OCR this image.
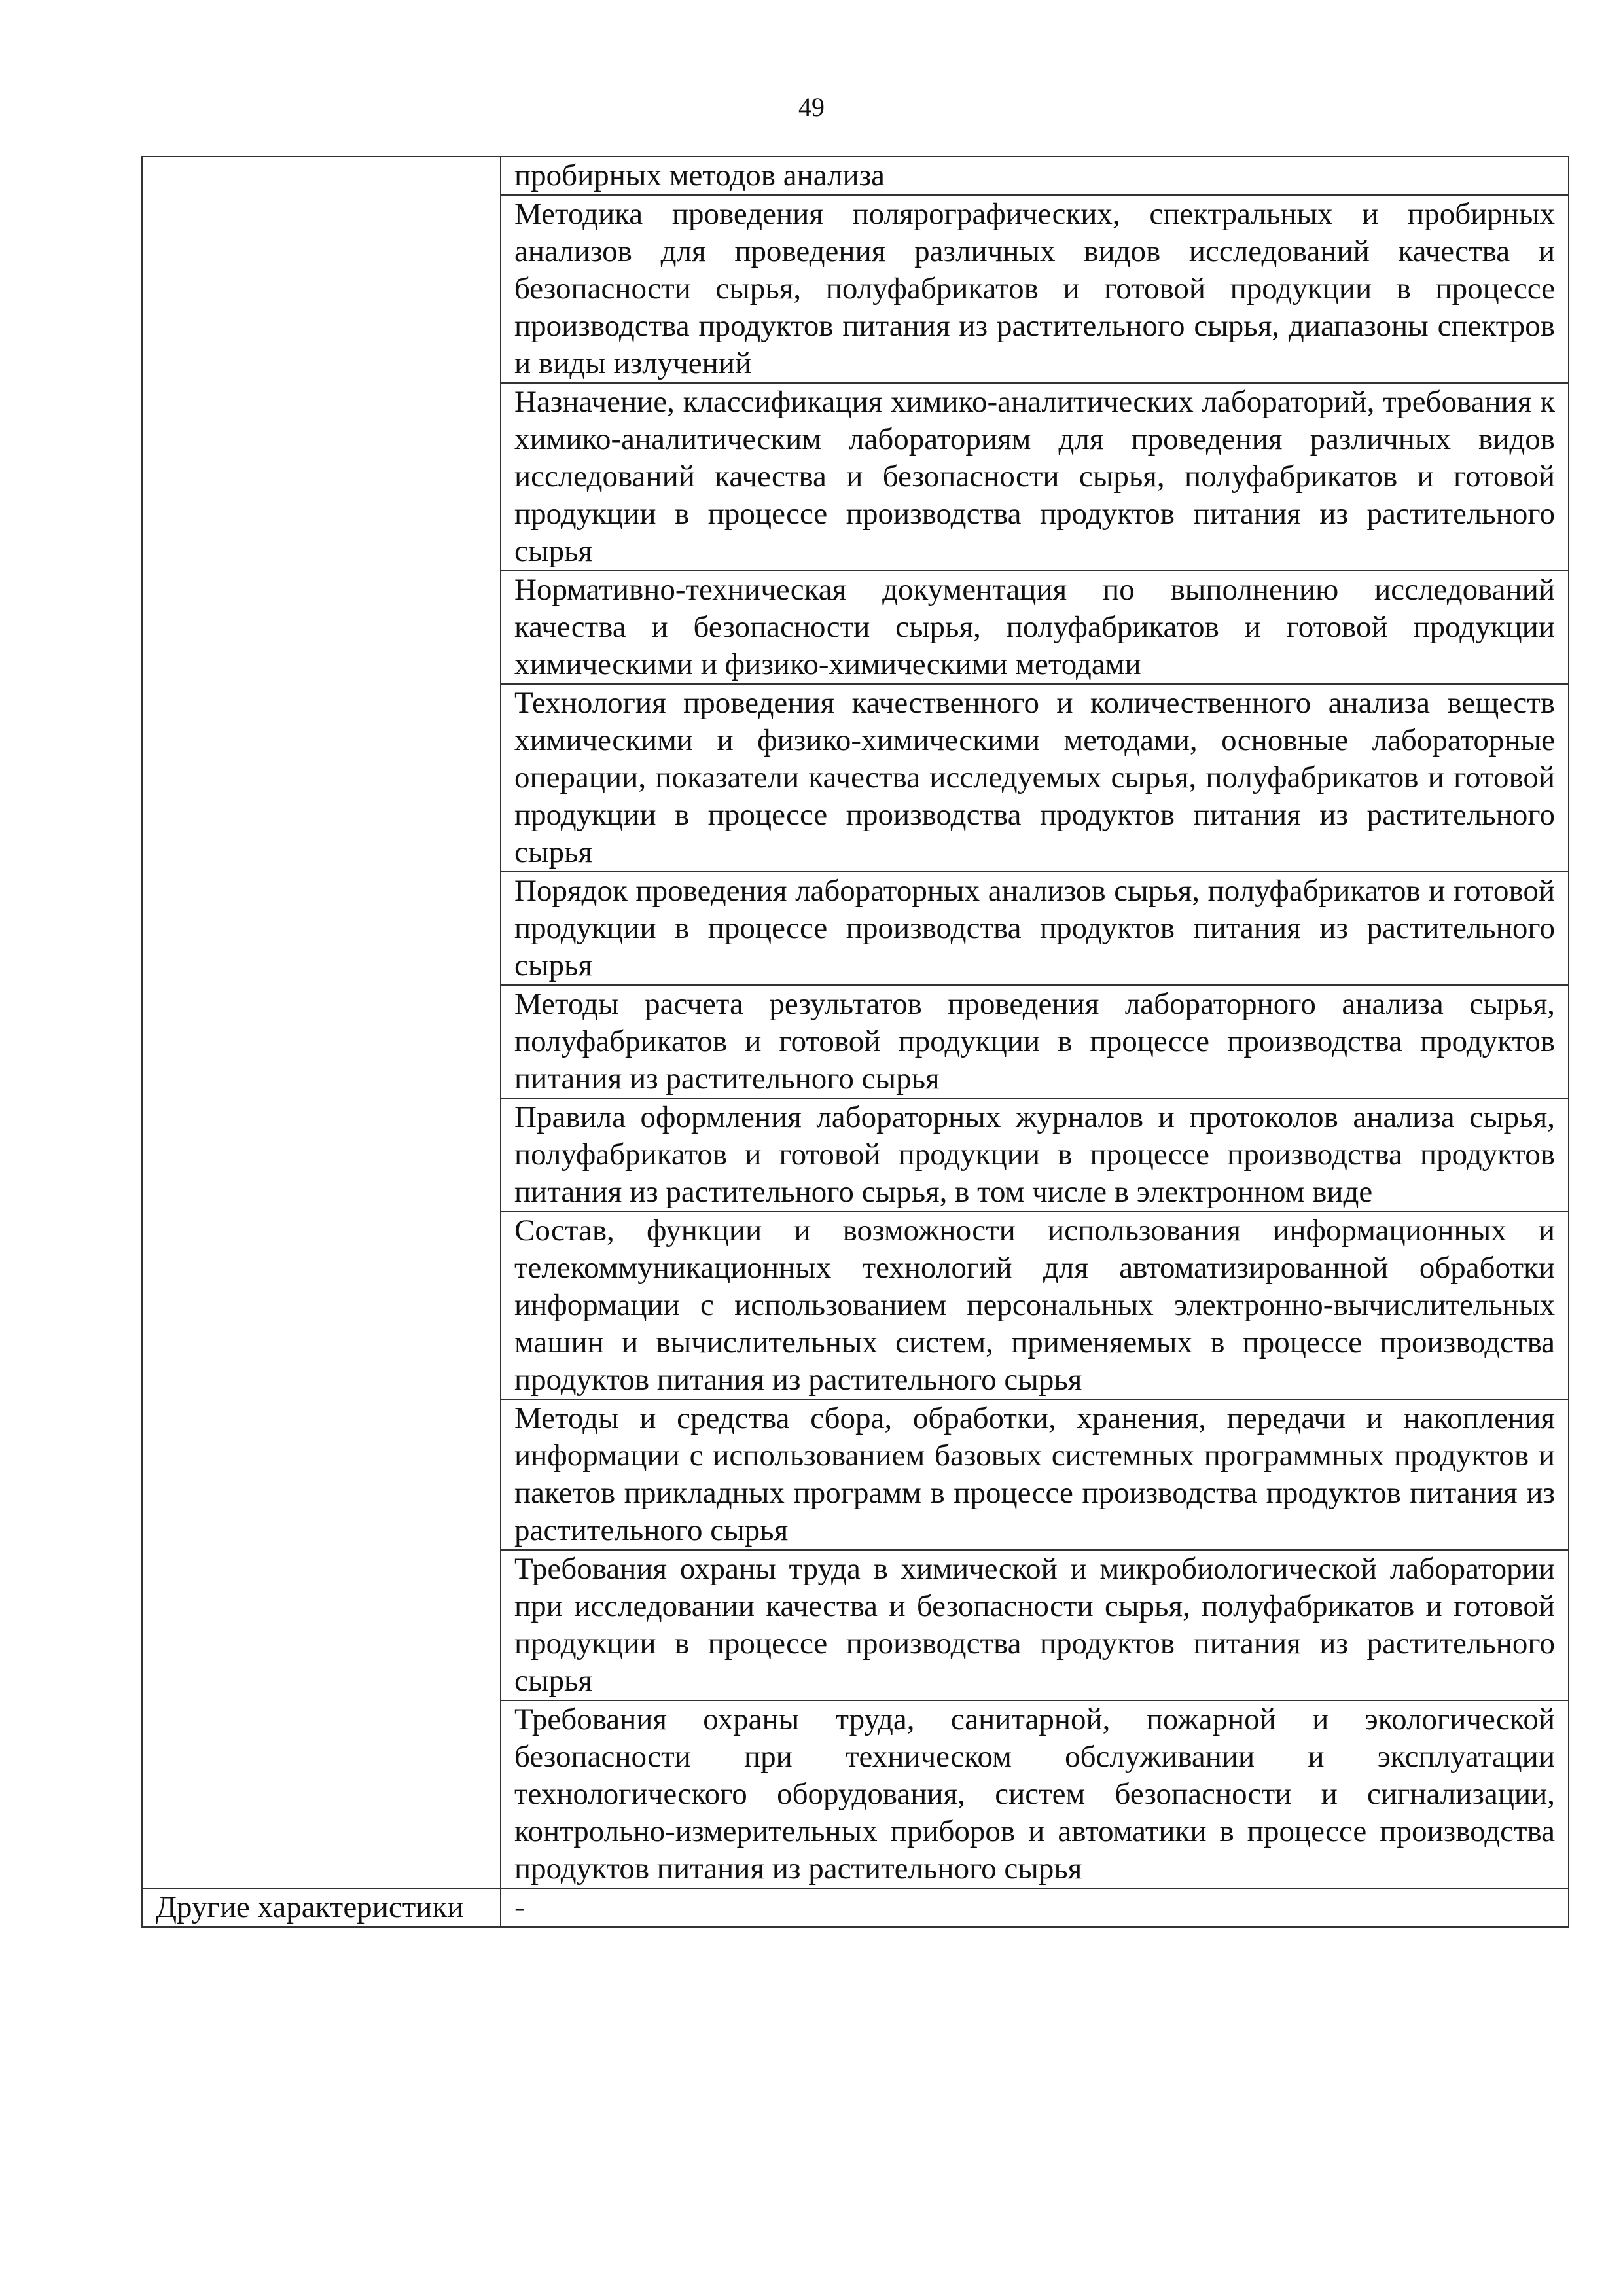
49

	пробирных методов анализа

	Методика проведения полярографических, спектральных и пробирных анализов для проведения различных видов исследований качества и безопасности сырья, полуфабрикатов и готовой продукции в процессе производства продуктов питания из растительного сырья, диапазоны спектров и виды излучений

	Назначение, классификация химико-аналитических лабораторий, требования к химико-аналитическим лабораториям для проведения различных видов исследований качества и безопасности сырья, полуфабрикатов и готовой продукции в процессе производства продуктов питания из растительного сырья

	Нормативно-техническая документация по выполнению исследований качества и безопасности сырья, полуфабрикатов и готовой продукции химическими и физико-химическими методами

	Технология проведения качественного и количественного анализа веществ химическими и физико-химическими методами, основные лабораторные операции, показатели качества исследуемых сырья, полуфабрикатов и готовой продукции в процессе производства продуктов питания из растительного сырья

	Порядок проведения лабораторных анализов сырья, полуфабрикатов и готовой продукции в процессе производства продуктов питания из растительного сырья

	Методы расчета результатов проведения лабораторного анализа сырья, полуфабрикатов и готовой продукции в процессе производства продуктов питания из растительного сырья

	Правила оформления лабораторных журналов и протоколов анализа сырья, полуфабрикатов и готовой продукции в процессе производства продуктов питания из растительного сырья, в том числе в электронном виде

	Состав, функции и возможности использования информационных и телекоммуникационных технологий для автоматизированной обработки информации с использованием персональных электронно-вычислительных машин и вычислительных систем, применяемых в процессе производства продуктов питания из растительного сырья

	Методы и средства сбора, обработки, хранения, передачи и накопления информации с использованием базовых системных программных продуктов и пакетов прикладных программ в процессе производства продуктов питания из растительного сырья

	Требования охраны труда в химической и микробиологической лаборатории при исследовании качества и безопасности сырья, полуфабрикатов и готовой продукции в процессе производства продуктов питания из растительного сырья

	Требования охраны труда, санитарной, пожарной и экологической безопасности при техническом обслуживании и эксплуатации технологического оборудования, систем безопасности и сигнализации, контрольно-измерительных приборов и автоматики в процессе производства продуктов питания из растительного сырья

Другие характеристики	-
